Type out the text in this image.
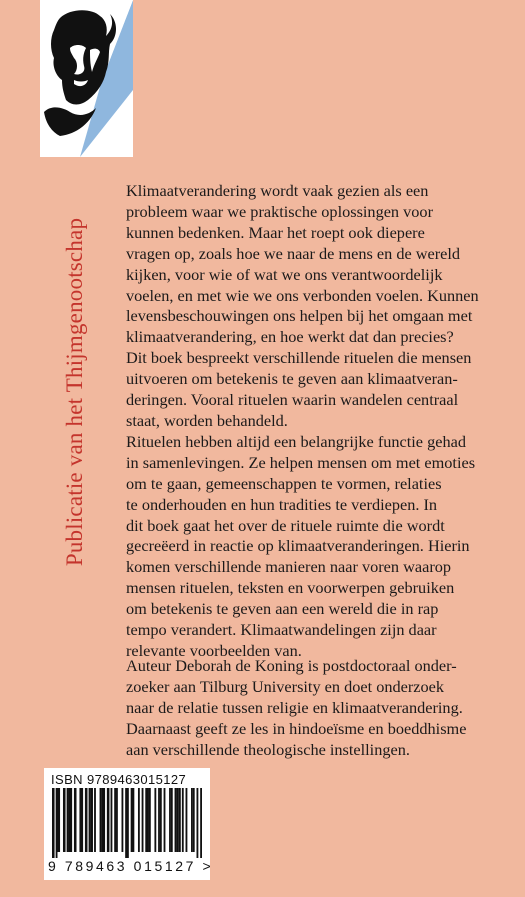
Publicatie van het Thijmgenootschap
Klimaatverandering wordt vaak gezien als een
probleem waar we praktische oplossingen voor
kunnen bedenken. Maar het roept ook diepere
vragen op, zoals hoe we naar de mens en de wereld
kijken, voor wie of wat we ons verantwoordelijk
voelen, en met wie we ons verbonden voelen. Kunnen
levensbeschouwingen ons helpen bij het omgaan met
klimaatverandering, en hoe werkt dat dan precies?
Dit boek bespreekt verschillende rituelen die mensen
uitvoeren om betekenis te geven aan klimaatveran-
deringen. Vooral rituelen waarin wandelen centraal
staat, worden behandeld.
Rituelen hebben altijd een belangrijke functie gehad
in samenlevingen. Ze helpen mensen om met emoties
om te gaan, gemeenschappen te vormen, relaties
te onderhouden en hun tradities te verdiepen. In
dit boek gaat het over de rituele ruimte die wordt
gecreëerd in reactie op klimaatveranderingen. Hierin
komen verschillende manieren naar voren waarop
mensen rituelen, teksten en voorwerpen gebruiken
om betekenis te geven aan een wereld die in rap
tempo verandert. Klimaatwandelingen zijn daar
relevante voorbeelden van.
Auteur Deborah de Koning is postdoctoraal onder-
zoeker aan Tilburg University en doet onderzoek
naar de relatie tussen religie en klimaatverandering.
Daarnaast geeft ze les in hindoeïsme en boeddhisme
aan verschillende theologische instellingen.
ISBN 9789463015127
9 789463 015127 >
